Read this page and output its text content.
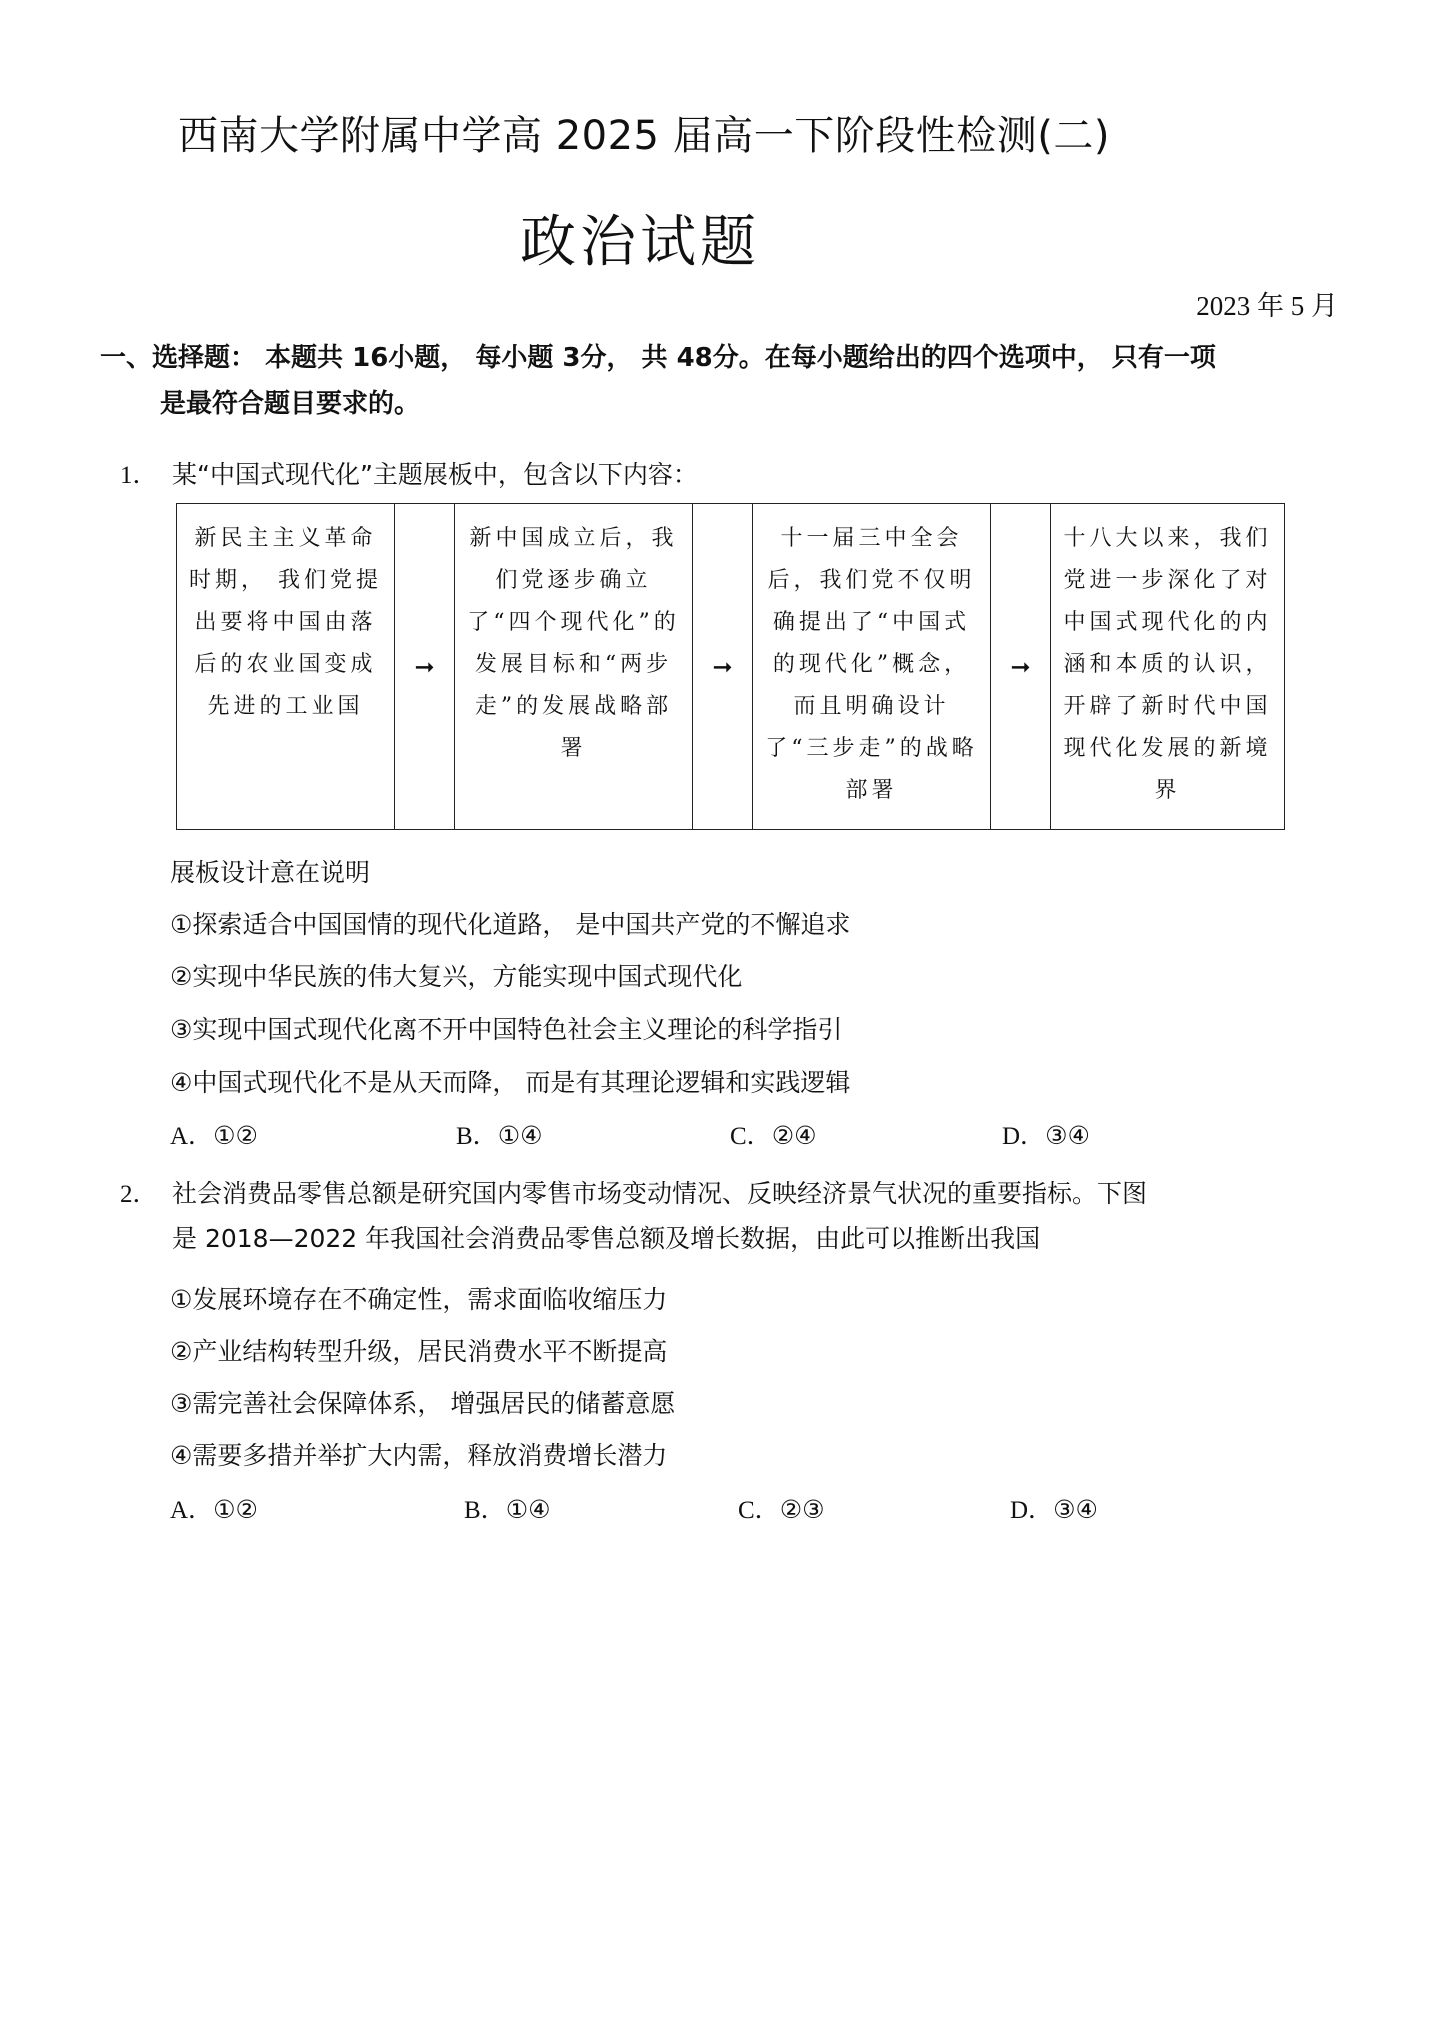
西南大学附属中学高 2025 届高一下阶段性检测(二)
政治试题
2023 年 5 月
一、选择题： 本题共 16小题， 每小题 3分， 共 48分。在每小题给出的四个选项中， 只有一项
是最符合题目要求的。
1． 某“中国式现代化”主题展板中，包含以下内容：
新民主主义革命时期， 我们党提出要将中国由落后的农业国变成先进的工业国	➞	新中国成立后，我们党逐步确立了“四个现代化”的发展目标和“两步走”的发展战略部署	➞	十一届三中全会后，我们党不仅明确提出了“中国式的现代化”概念，而且明确设计了“三步走”的战略部署	➞	十八大以来，我们党进一步深化了对中国式现代化的内涵和本质的认识， 开辟了新时代中国现代化发展的新境界
展板设计意在说明
①探索适合中国国情的现代化道路， 是中国共产党的不懈追求
②实现中华民族的伟大复兴，方能实现中国式现代化
③实现中国式现代化离不开中国特色社会主义理论的科学指引
④中国式现代化不是从天而降， 而是有其理论逻辑和实践逻辑
A．①②	B．①④	C．②④	D．③④
2． 社会消费品零售总额是研究国内零售市场变动情况、反映经济景气状况的重要指标。下图
是 2018—2022 年我国社会消费品零售总额及增长数据，由此可以推断出我国
①发展环境存在不确定性，需求面临收缩压力
②产业结构转型升级，居民消费水平不断提高
③需完善社会保障体系， 增强居民的储蓄意愿
④需要多措并举扩大内需，释放消费增长潜力
A．①②	B．①④	C．②③	D．③④
